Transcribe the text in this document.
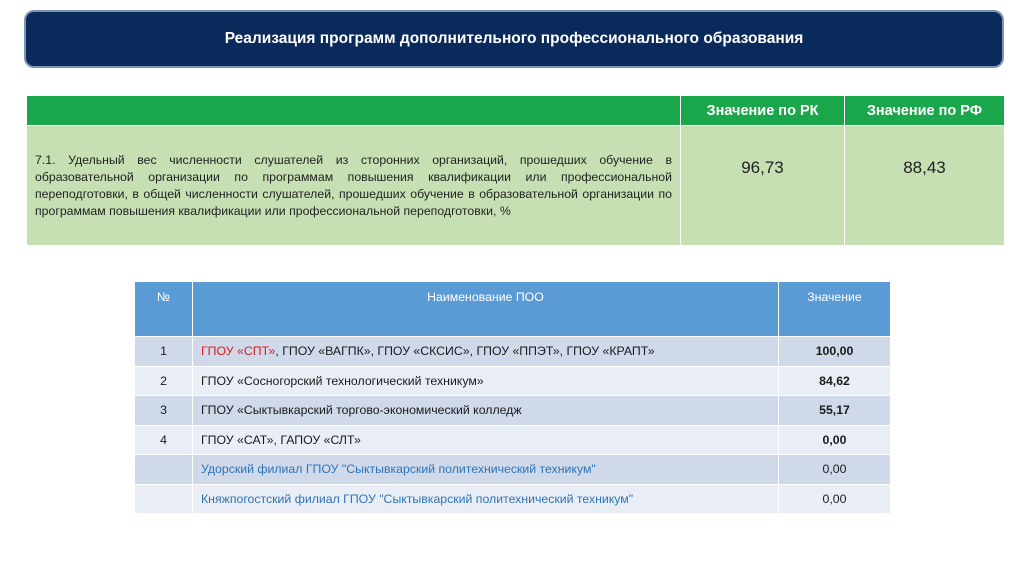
Реализация программ дополнительного профессионального образования
	Значение по РК	Значение по РФ

7.1. Удельный вес численности слушателей из сторонних организаций, прошедших обучение в образовательной организации по программам повышения квалификации или профессиональной переподготовки, в общей численности слушателей, прошедших обучение в образовательной организации по программам повышения квалификации или профессиональной переподготовки, %	96,73	88,43
№	Наименование ПОО	Значение
1	ГПОУ «СПТ», ГПОУ «ВАГПК», ГПОУ «СКСИС», ГПОУ «ППЭТ», ГПОУ «КРАПТ»	100,00
2	ГПОУ «Сосногорский технологический техникум»	84,62
3	ГПОУ «Сыктывкарский торгово-экономический колледж	55,17
4	ГПОУ «САТ», ГАПОУ «СЛТ»	0,00
	Удорский филиал ГПОУ "Сыктывкарский политехнический техникум"	0,00
	Княжпогостский филиал ГПОУ "Сыктывкарский политехнический техникум"	0,00
